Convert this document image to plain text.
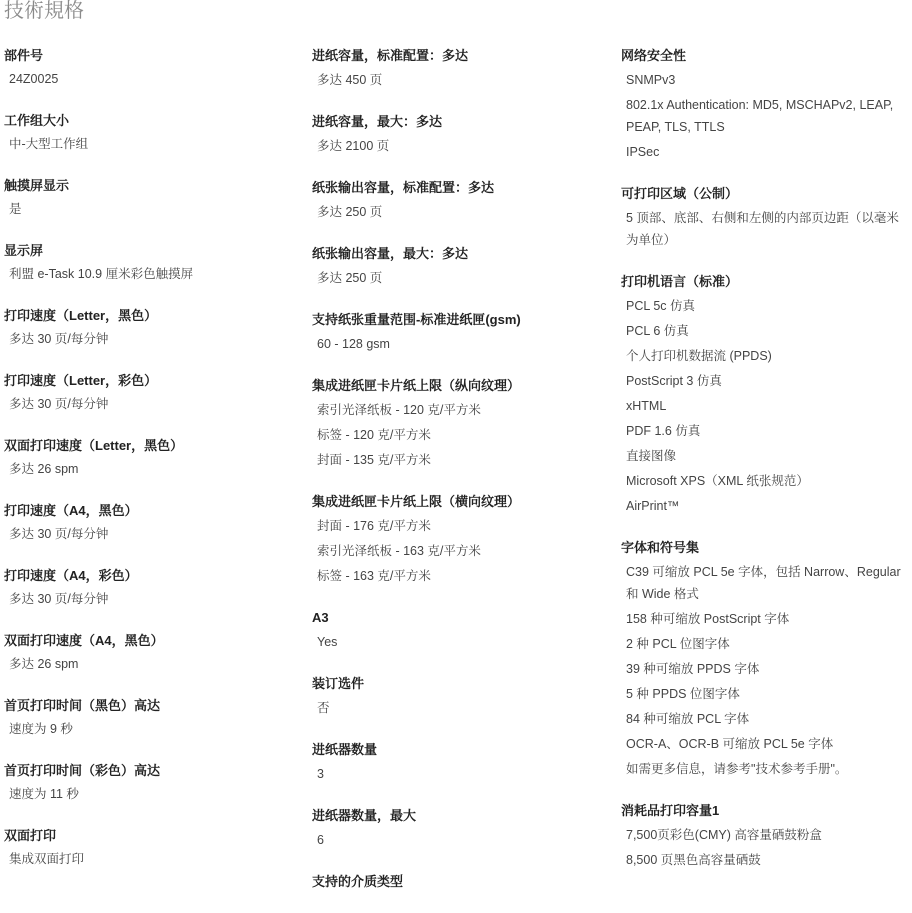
技術規格
部件号
24Z0025
工作组大小
中-大型工作组
触摸屏显示
是
显示屏
利盟 e-Task 10.9 厘米彩色触摸屏
打印速度（Letter，黑色）
多达 30 页/每分钟
打印速度（Letter，彩色）
多达 30 页/每分钟
双面打印速度（Letter，黑色）
多达 26 spm
打印速度（A4，黑色）
多达 30 页/每分钟
打印速度（A4，彩色）
多达 30 页/每分钟
双面打印速度（A4，黑色）
多达 26 spm
首页打印时间（黑色）高达
速度为 9 秒
首页打印时间（彩色）高达
速度为 11 秒
双面打印
集成双面打印
进纸容量，标准配置：多达
多达 450 页
进纸容量，最大：多达
多达 2100 页
纸张输出容量，标准配置：多达
多达 250 页
纸张输出容量，最大：多达
多达 250 页
支持纸张重量范围-标准进纸匣(gsm)
60 - 128 gsm
集成进纸匣卡片纸上限（纵向纹理）
索引光泽纸板 - 120 克/平方米
标签 - 120 克/平方米
封面 - 135 克/平方米
集成进纸匣卡片纸上限（横向纹理）
封面 - 176 克/平方米
索引光泽纸板 - 163 克/平方米
标签 - 163 克/平方米
A3
Yes
装订选件
否
进纸器数量
3
进纸器数量，最大
6
支持的介质类型
网络安全性
SNMPv3
802.1x Authentication: MD5, MSCHAPv2, LEAP, PEAP, TLS, TTLS
IPSec
可打印区域（公制）
5 顶部、底部、右侧和左侧的内部页边距（以毫米为单位）
打印机语言（标准）
PCL 5c 仿真
PCL 6 仿真
个人打印机数据流 (PPDS)
PostScript 3 仿真
xHTML
PDF 1.6 仿真
直接图像
Microsoft XPS（XML 纸张规范）
AirPrint™
字体和符号集
C39 可缩放 PCL 5e 字体，包括 Narrow、Regular 和 Wide 格式
158 种可缩放 PostScript 字体
2 种 PCL 位图字体
39 种可缩放 PPDS 字体
5 种 PPDS 位图字体
84 种可缩放 PCL 字体
OCR-A、OCR-B 可缩放 PCL 5e 字体
如需更多信息，请参考"技术参考手册"。
消耗品打印容量1
7,500页彩色(CMY) 高容量硒鼓粉盒
8,500 页黑色高容量硒鼓
